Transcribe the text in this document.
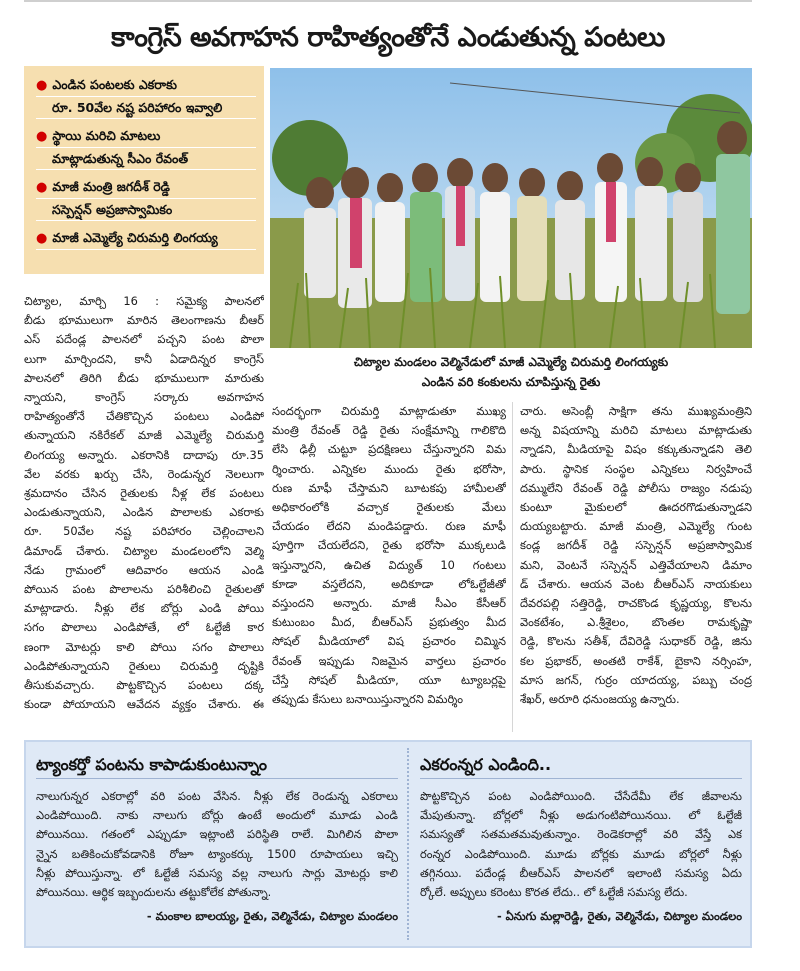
కాంగ్రెస్ అవగాహన రాహిత్యంతోనే ఎండుతున్న పంటలు
● ఎండిన పంటలకు ఎకరాకు
రూ. 50వేల నష్ట పరిహారం ఇవ్వాలి
● స్థాయి మరిచి మాటలు
మాట్లాడుతున్న సీఎం రేవంత్
● మాజీ మంత్రి జగదీశ్ రెడ్డి
సస్పెన్షన్ అప్రజాస్వామికం
● మాజీ ఎమ్మెల్యే చిరుమర్తి లింగయ్య
చిట్యాల మండలం వెల్మినేడులో మాజీ ఎమ్మెల్యే చిరుమర్తి లింగయ్యకు
ఎండిన వరి కంకులను చూపిస్తున్న రైతు
చిట్యాల, మార్చి 16 : సమైక్య పాలనలో
బీడు భూములుగా మారిన తెలంగాణను బీఆర్
ఎస్ పదేండ్ల పాలనలో పచ్చని పంట పొలా
లుగా మార్చిందని, కానీ ఏడాదిన్నర కాంగ్రెస్
పాలనలో తిరిగి బీడు భూములుగా మారుతు
న్నాయని, కాంగ్రెస్ సర్కారు అవగాహన
రాహిత్యంతోనే చేతికొచ్చిన పంటలు ఎండిపో
తున్నాయని నకిరేకల్ మాజీ ఎమ్మెల్యే చిరుమర్తి
లింగయ్య అన్నారు. ఎకరానికి దాదాపు రూ.35
వేల వరకు ఖర్చు చేసి, రెండున్నర నెలలుగా
శ్రమదానం చేసిన రైతులకు నీళ్ల లేక పంటలు
ఎండుతున్నాయని, ఎండిన పొలాలకు ఎకరాకు
రూ. 50వేల నష్ట పరిహారం చెల్లించాలని
డిమాండ్ చేశారు. చిట్యాల మండలంలోని వెల్మి
నేడు గ్రామంలో ఆదివారం ఆయన ఎండి
పోయిన పంట పొలాలను పరిశీలించి రైతులతో
మాట్లాడారు. నీళ్లు లేక బోర్లు ఎండి పోయి
సగం పొలాలు ఎండిపోతే, లో ఓల్టేజీ కార
ణంగా మోటర్లు కాలి పోయి సగం పొలాలు
ఎండిపోతున్నాయని రైతులు చిరుమర్తి దృష్టికి
తీసుకువచ్చారు. పొట్టకొచ్చిన పంటలు దక్క
కుండా పోయాయని ఆవేదన వ్యక్తం చేశారు. ఈ
సందర్భంగా చిరుమర్తి మాట్లాడుతూ ముఖ్య
మంత్రి రేవంత్ రెడ్డి రైతు సంక్షేమాన్ని గాలికొది
లేసి ఢిల్లీ చుట్టూ ప్రదక్షిణలు చేస్తున్నారని విమ
ర్శించారు. ఎన్నికల ముందు రైతు భరోసా,
రుణ మాఫీ చేస్తామని బూటకపు హామీలతో
అధికారంలోకి వచ్చాక రైతులకు మేలు
చేయడం లేదని మండిపడ్డారు. రుణ మాఫీ
పూర్తిగా చేయలేదని, రైతు భరోసా ముక్కలుడి
ఇస్తున్నారని, ఉచిత విద్యుత్ 10 గంటలు
కూడా వస్తలేదని, అదికూడా లోఓల్టేజీతో
వస్తుందని అన్నారు. మాజీ సీఎం కేసీఆర్
కుటుంబం మీద, బీఆర్ఎస్ ప్రభుత్వం మీద
సోషల్ మీడియాలో విష ప్రచారం చిమ్మిన
రేవంత్ ఇప్పుడు నిజమైన వార్తలు ప్రచారం
చేస్తే సోషల్ మీడియా, యూ ట్యూబర్లపై
తప్పుడు కేసులు బనాయిస్తున్నారని విమర్శిం
చారు. అసెంబ్లీ సాక్షిగా తను ముఖ్యమంత్రిని
అన్న విషయాన్ని మరిచి మాటలు మాట్లాడుతు
న్నాడని, మీడియాపై విషం కక్కుతున్నాడని తెలి
పారు. స్థానిక సంస్థల ఎన్నికలు నిర్వహించే
దమ్ములేని రేవంత్ రెడ్డి పోలీసు రాజ్యం నడుపు
కుంటూ మైకులలో ఊదరగొడుతున్నాడని
దుయ్యబట్టారు. మాజీ మంత్రి, ఎమ్మెల్యే గుంట
కండ్ల జగదీశ్ రెడ్డి సస్పెన్షన్ అప్రజాస్వామిక
మని, వెంటనే సస్పెన్షన్ ఎత్తివేయాలని డిమాం
డ్ చేశారు. ఆయన వెంట బీఆర్ఎస్ నాయకులు
దేవరపల్లి సత్తిరెడ్డి, రాచకొండ కృష్ణయ్య, కొలను
వెంకటేశం, ఎ.శ్రీశైలం, బొంతల రామకృష్ణా
రెడ్డి, కొలను సతీశ్, దేవిరెడ్డి సుధాకర్ రెడ్డి, జిను
కల ప్రభాకర్, అంతటి రాకేశ్, బైకాని నర్సింహ,
మాస జగన్, గుర్రం యాదయ్య, పబ్బు చంద్ర
శేఖర్, అరూరి ధనుంజయ్య ఉన్నారు.
ట్యాంకర్తో పంటను కాపాడుకుంటున్నాం
నాలుగున్నర ఎకరాల్లో వరి పంట వేసిన. నీళ్లు లేక రెండున్న ఎకరాలు
ఎండిపోయింది. నాకు నాలుగు బోర్లు ఉంటే అందులో మూడు ఎండి
పోయినయి. గతంలో ఎప్పుడూ ఇట్లాంటి పరిస్థితి రాలే. మిగిలిన పొలా
న్నైన బతికించుకోవడానికి రోజూ ట్యాంకర్కు 1500 రూపాయలు ఇచ్చి
నీళ్లు పోయిస్తున్నా. లో ఓల్టేజీ సమస్య వల్ల నాలుగు సార్లు మోటర్లు కాలి
పోయినయి. ఆర్థిక ఇబ్బందులను తట్టుకోలేక పోతున్నా.
- మంకాల బాలయ్య, రైతు, వెల్మినేడు, చిట్యాల మండలం
ఎకరంన్నర ఎండింది..
పొట్టకొచ్చిన పంట ఎండిపోయింది. చేసేదేమీ లేక జీవాలను
మేపుతున్నా. బోర్లలో నీళ్లు అడుగంటిపోయినయి. లో ఓల్టేజీ
సమస్యతో సతమతమవుతున్నాం. రెండెకరాల్లో వరి వేస్తే ఎక
రంన్నర ఎండిపోయింది. మూడు బోర్లకు మూడు బోర్లలో నీళ్లు
తగ్గినయి. పదేండ్ల బీఆర్ఎస్ పాలనలో ఇలాంటి సమస్య ఏదు
ర్కోలే. అప్పులు కరెంటు కొరత లేదు.. లో ఓల్టేజీ సమస్య లేదు.
- ఏనుగు మల్లారెడ్డి, రైతు, వెల్మినేడు, చిట్యాల మండలం
